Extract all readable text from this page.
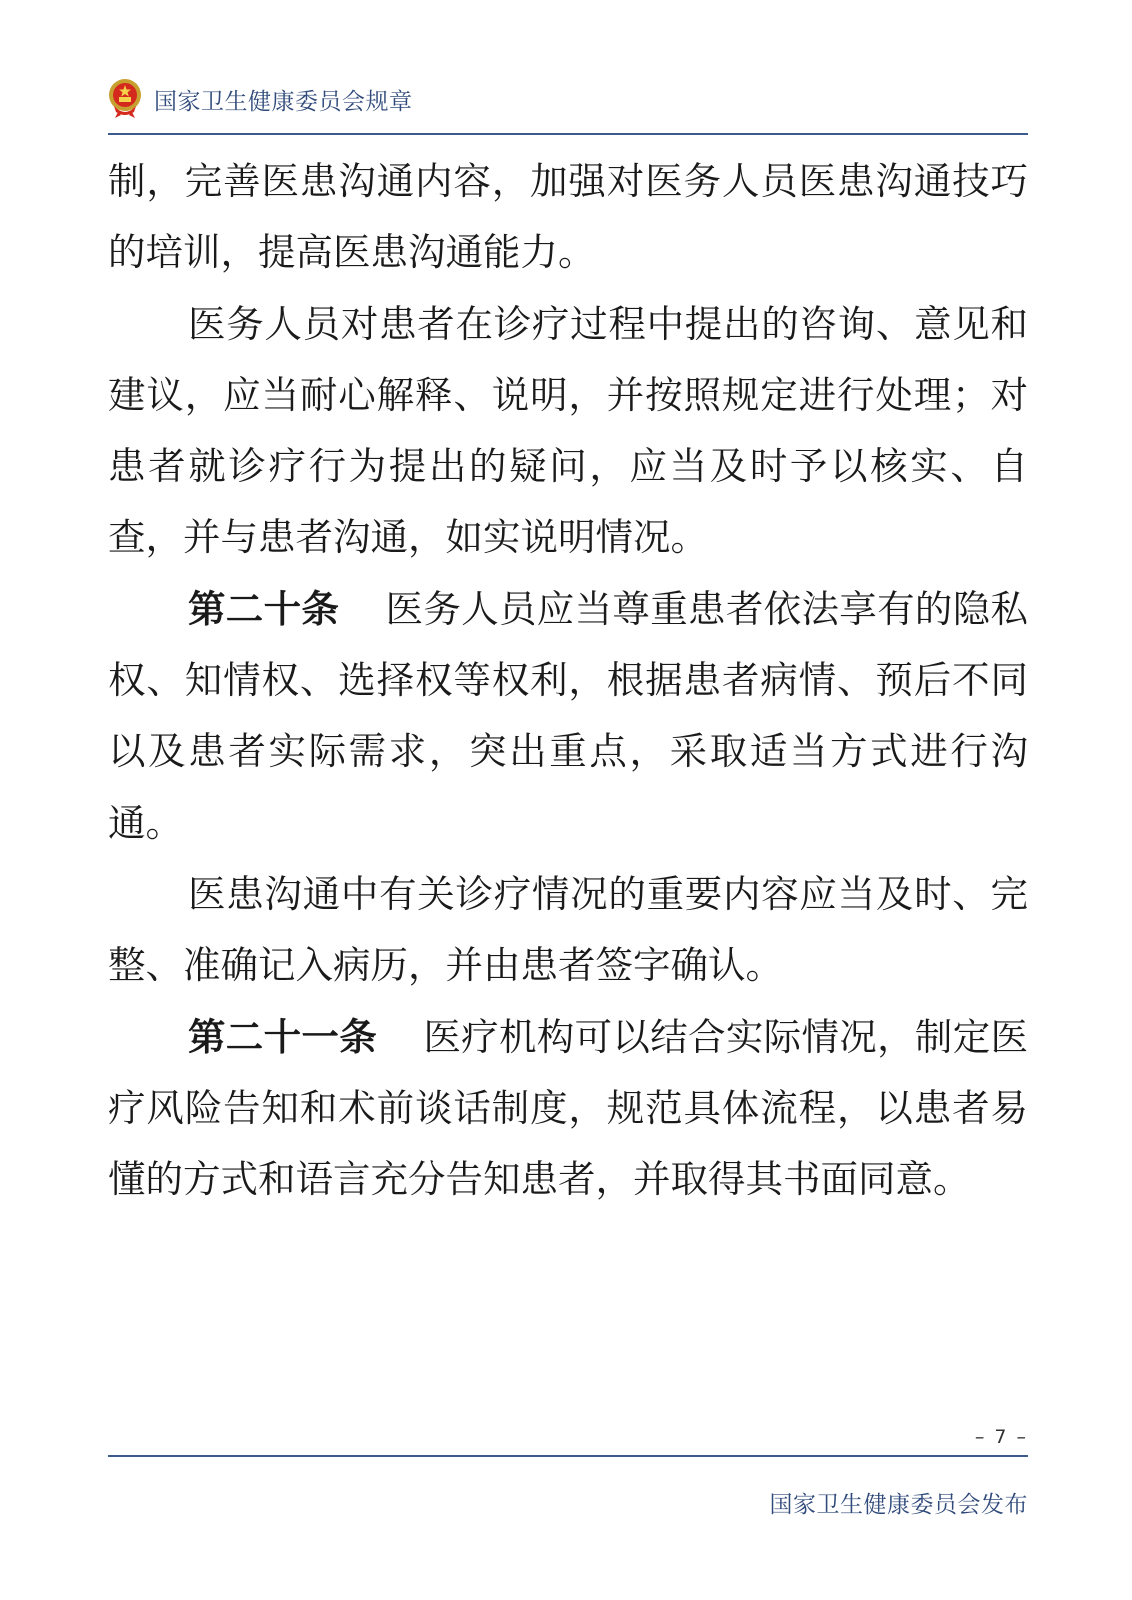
国家卫生健康委员会规章

制，完善医患沟通内容，加强对医务人员医患沟通技巧的培训，提高医患沟通能力。

医务人员对患者在诊疗过程中提出的咨询、意见和建议，应当耐心解释、说明，并按照规定进行处理；对患者就诊疗行为提出的疑问，应当及时予以核实、自查，并与患者沟通，如实说明情况。

第二十条 医务人员应当尊重患者依法享有的隐私权、知情权、选择权等权利，根据患者病情、预后不同以及患者实际需求，突出重点，采取适当方式进行沟通。

医患沟通中有关诊疗情况的重要内容应当及时、完整、准确记入病历，并由患者签字确认。

第二十一条 医疗机构可以结合实际情况，制定医疗风险告知和术前谈话制度，规范具体流程，以患者易懂的方式和语言充分告知患者，并取得其书面同意。

– 7 –
国家卫生健康委员会发布
